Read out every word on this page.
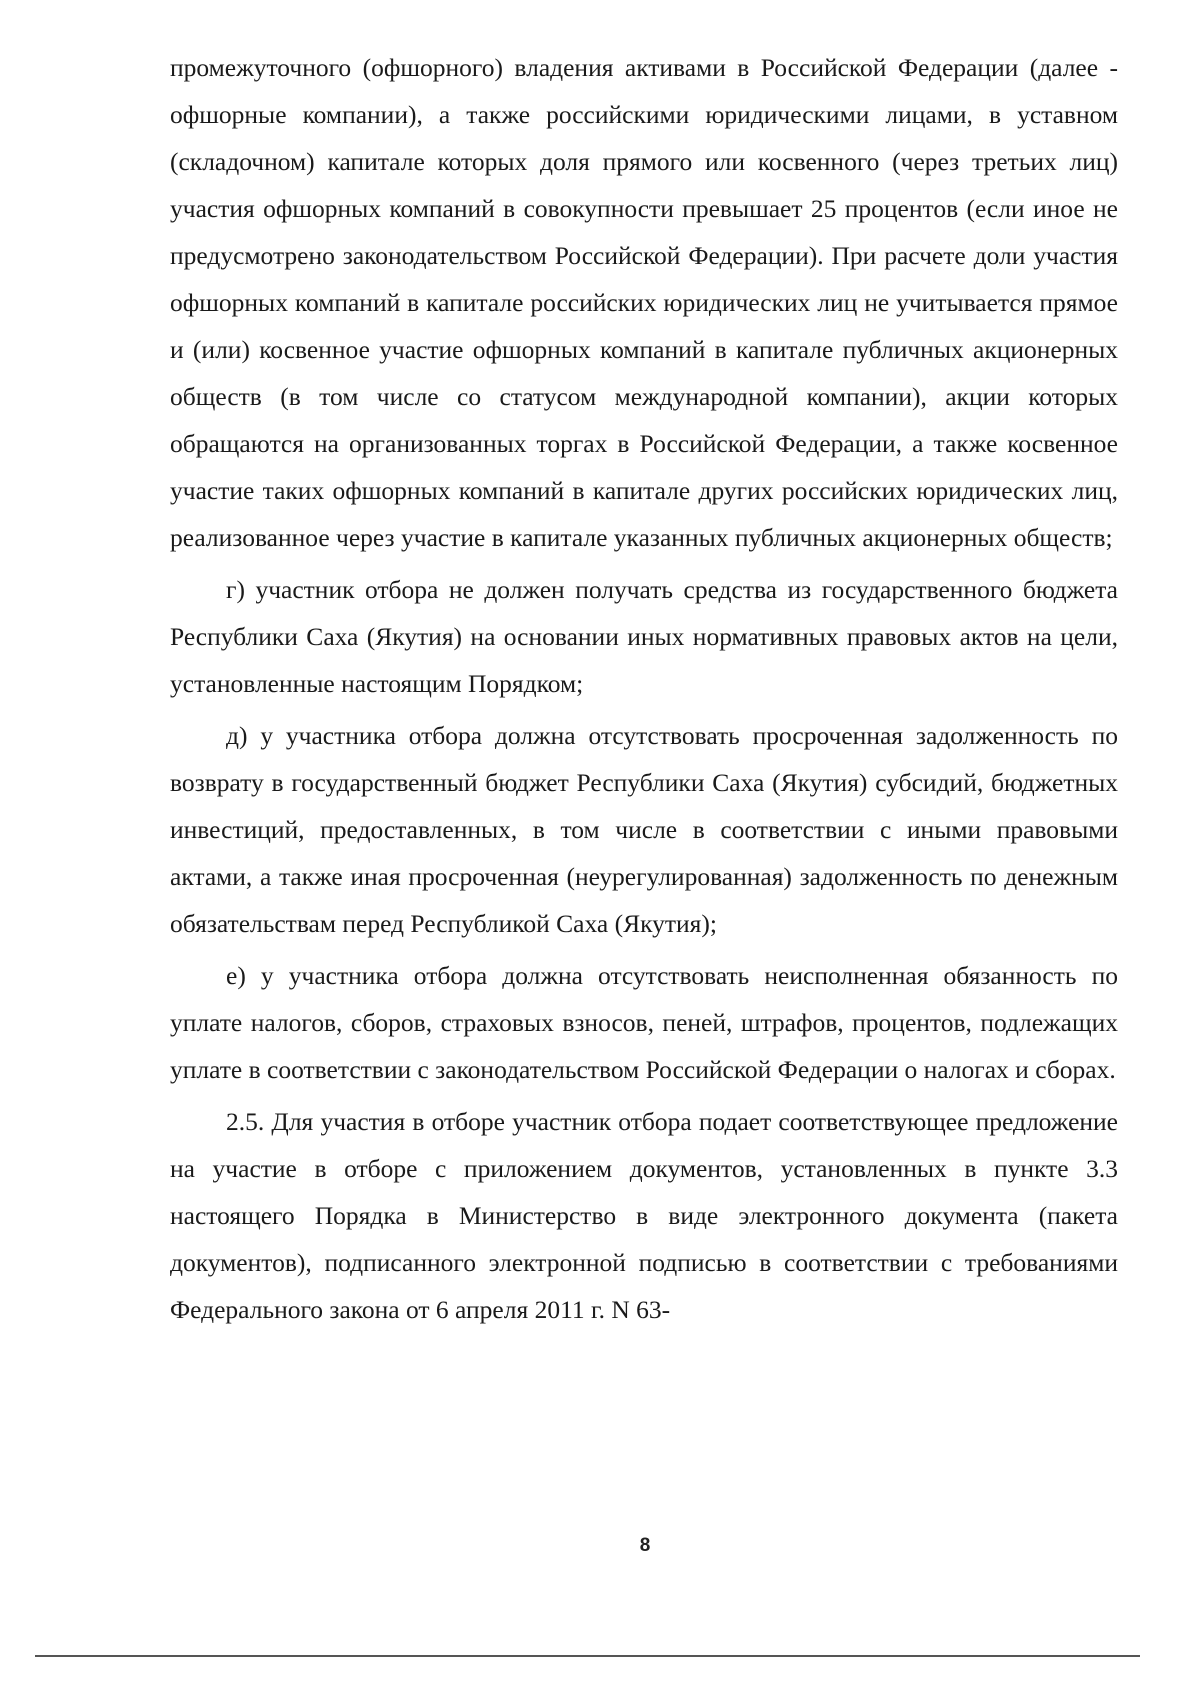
промежуточного (офшорного) владения активами в Российской Федерации (далее - офшорные компании), а также российскими юридическими лицами, в уставном (складочном) капитале которых доля прямого или косвенного (через третьих лиц) участия офшорных компаний в совокупности превышает 25 процентов (если иное не предусмотрено законодательством Российской Федерации). При расчете доли участия офшорных компаний в капитале российских юридических лиц не учитывается прямое и (или) косвенное участие офшорных компаний в капитале публичных акционерных обществ (в том числе со статусом международной компании), акции которых обращаются на организованных торгах в Российской Федерации, а также косвенное участие таких офшорных компаний в капитале других российских юридических лиц, реализованное через участие в капитале указанных публичных акционерных обществ;

г) участник отбора не должен получать средства из государственного бюджета Республики Саха (Якутия) на основании иных нормативных правовых актов на цели, установленные настоящим Порядком;

д) у участника отбора должна отсутствовать просроченная задолженность по возврату в государственный бюджет Республики Саха (Якутия) субсидий, бюджетных инвестиций, предоставленных, в том числе в соответствии с иными правовыми актами, а также иная просроченная (неурегулированная) задолженность по денежным обязательствам перед Республикой Саха (Якутия);

е) у участника отбора должна отсутствовать неисполненная обязанность по уплате налогов, сборов, страховых взносов, пеней, штрафов, процентов, подлежащих уплате в соответствии с законодательством Российской Федерации о налогах и сборах.

2.5. Для участия в отборе участник отбора подает соответствующее предложение на участие в отборе с приложением документов, установленных в пункте 3.3 настоящего Порядка в Министерство в виде электронного документа (пакета документов), подписанного электронной подписью в соответствии с требованиями Федерального закона от 6 апреля 2011 г. N 63-

8
